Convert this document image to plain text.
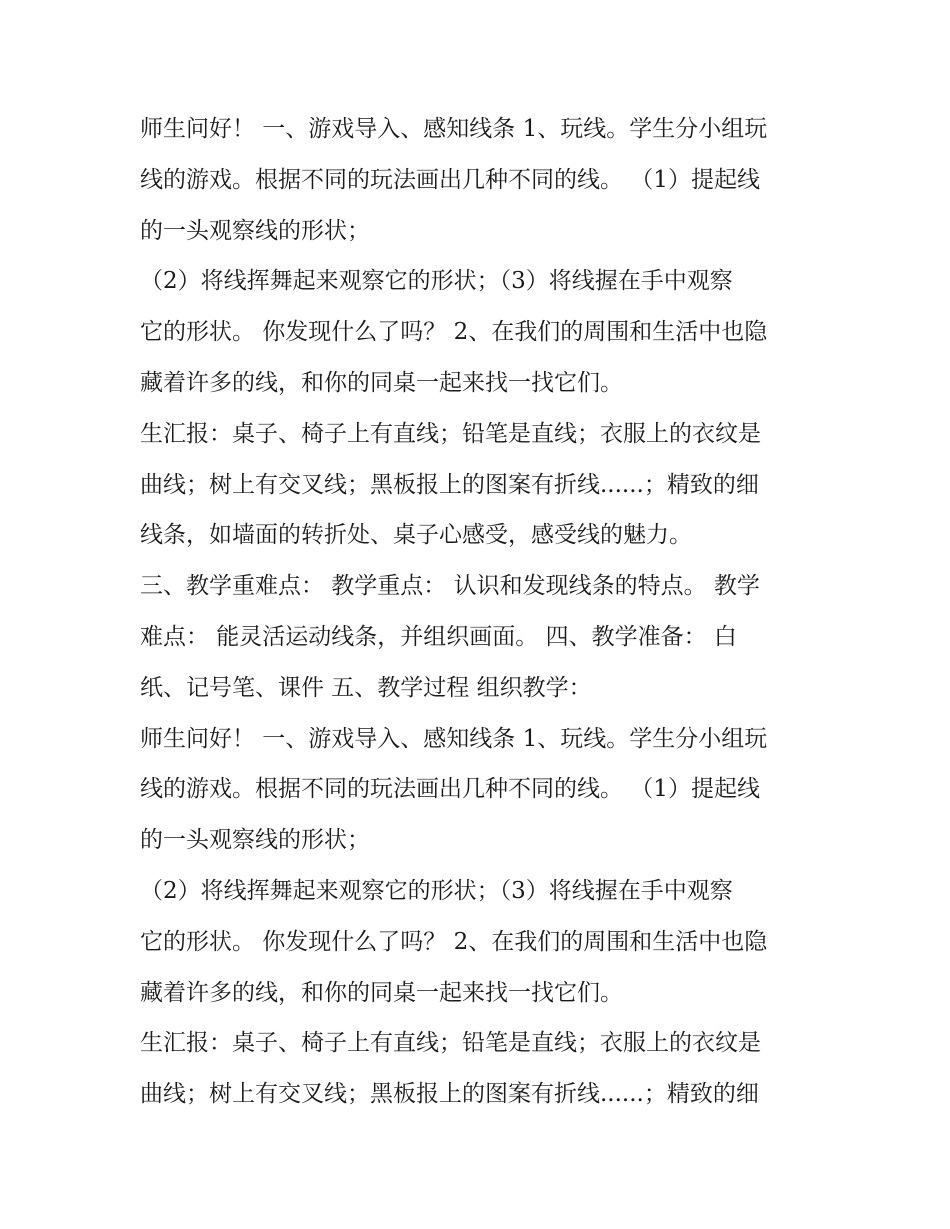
师生问好！ 一、游戏导入、感知线条 1、玩线。学生分小组玩
线的游戏。根据不同的玩法画出几种不同的线。 （1）提起线
的一头观察线的形状；
（2）将线挥舞起来观察它的形状；（3）将线握在手中观察
它的形状。 你发现什么了吗？ 2、在我们的周围和生活中也隐
藏着许多的线，和你的同桌一起来找一找它们。
生汇报：桌子、椅子上有直线；铅笔是直线；衣服上的衣纹是
曲线；树上有交叉线；黑板报上的图案有折线......；精致的细
线条，如墙面的转折处、桌子心感受，感受线的魅力。
三、教学重难点： 教学重点： 认识和发现线条的特点。 教学
难点： 能灵活运动线条，并组织画面。 四、教学准备： 白
纸、记号笔、课件 五、教学过程 组织教学：
师生问好！ 一、游戏导入、感知线条 1、玩线。学生分小组玩
线的游戏。根据不同的玩法画出几种不同的线。 （1）提起线
的一头观察线的形状；
（2）将线挥舞起来观察它的形状；（3）将线握在手中观察
它的形状。 你发现什么了吗？ 2、在我们的周围和生活中也隐
藏着许多的线，和你的同桌一起来找一找它们。
生汇报：桌子、椅子上有直线；铅笔是直线；衣服上的衣纹是
曲线；树上有交叉线；黑板报上的图案有折线......；精致的细
